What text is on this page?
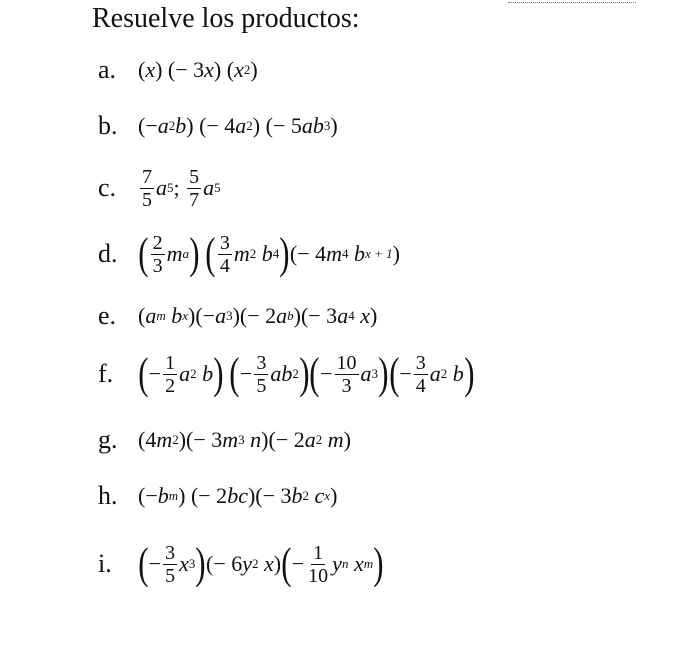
Resuelve los productos:
a. ( x )
(− 3 x )
( x 2 )
b. (− a 2 b )
(− 4 a 2 )
(− 5 ab 3 )
c.	$\frac{7}{5}$ a 5 ; $\frac{5}{7}$ a 5
d. ( $\frac{2}{3}$ m a )
( $\frac{3}{4}$ m 2 b 4 ) (− 4 m 4 b x + 1 )
e. ( a m b x )(− a 3 )(− 2 a b )(− 3 a 4 x )
f. ( − $\frac{1}{2}$ a 2 b )
( − $\frac{3}{5}$ ab 2 ) ( − $\frac{10}{3}$ a 3 ) ( − $\frac{3}{4}$ a 2 b )
g. (4 m 2 )(− 3 m 3 n )(− 2 a 2 m )
h. (− b m )
(− 2 bc )(− 3 b 2 c x )
i. ( − $\frac{3}{5}$ x 3 ) (− 6 y 2 x ) ( − $\frac{1}{10}$ y n x m )
